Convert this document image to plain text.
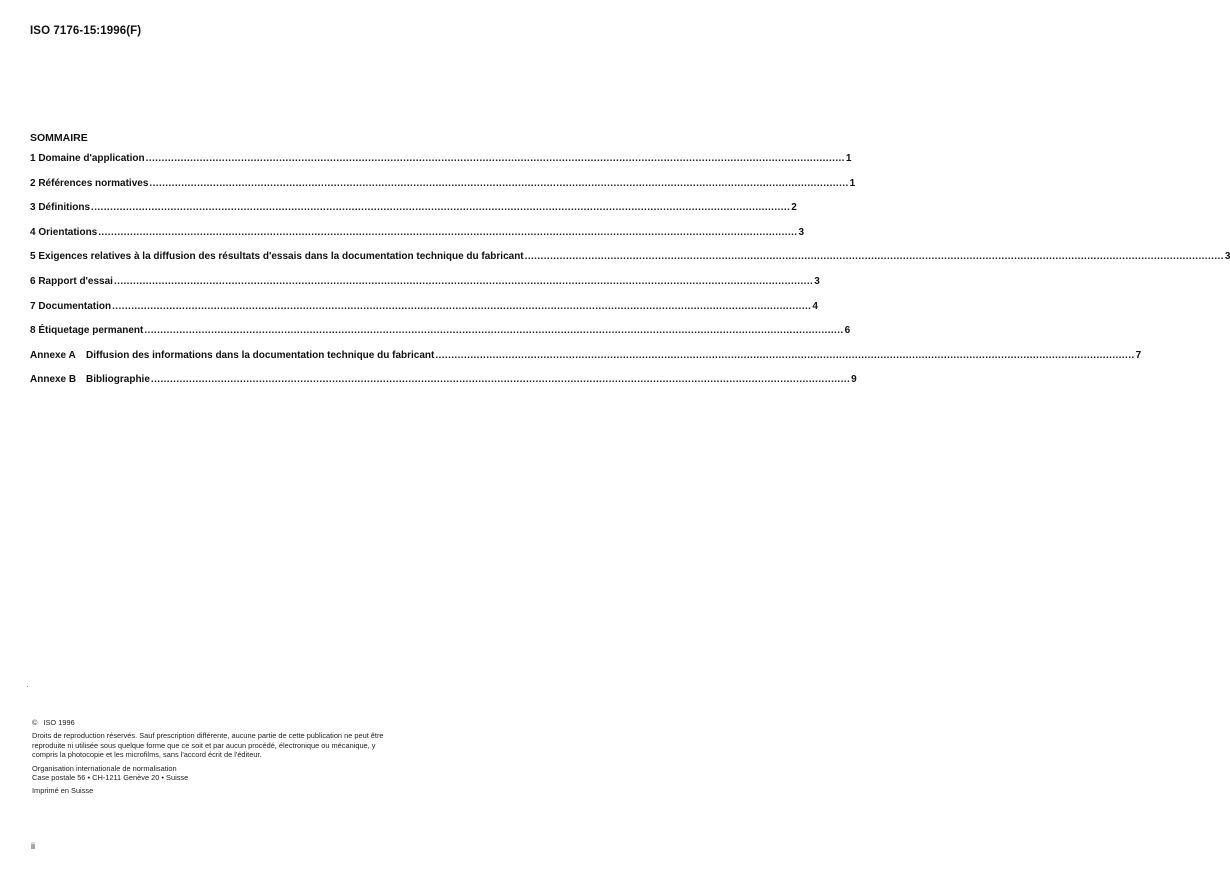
ISO 7176-15:1996(F)
SOMMAIRE
1 Domaine d'application ............................................................................................................................................................................................................................ 1
2 Références normatives ............................................................................................................................................................................................................................ 1
3 Définitions ............................................................................................................................................................................................................................ 2
4 Orientations ............................................................................................................................................................................................................................ 3
5 Exigences relatives à la diffusion des résultats d'essais dans la documentation technique du fabricant ............................................................................................................................................................................................................................ 3
6 Rapport d'essai ............................................................................................................................................................................................................................ 3
7 Documentation ............................................................................................................................................................................................................................ 4
8 Étiquetage permanent ............................................................................................................................................................................................................................ 6
Annexe A Diffusion des informations dans la documentation technique du fabricant ............................................................................................................................................................................................................................ 7
Annexe B Bibliographie ............................................................................................................................................................................................................................ 9
·

© ISO 1996

Droits de reproduction réservés. Sauf prescription différente, aucune partie de cette publication ne peut être reproduite ni utilisée sous quelque forme que ce soit et par aucun procédé, électronique ou mécanique, y compris la photocopie et les microfilms, sans l'accord écrit de l'éditeur.

Organisation internationale de normalisation
Case postale 56 • CH-1211 Genève 20 • Suisse

Imprimé en Suisse

ii
